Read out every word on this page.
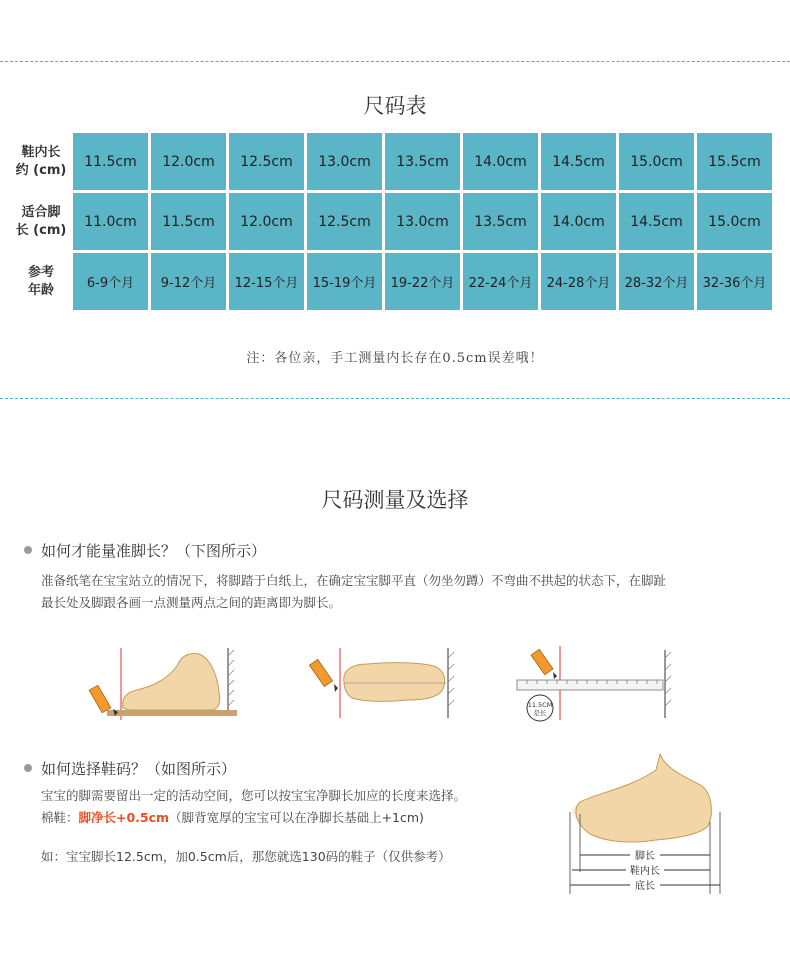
尺码表
鞋内长
约 (cm)	11.5cm	12.0cm	12.5cm	13.0cm	13.5cm	14.0cm	14.5cm	15.0cm	15.5cm
适合脚
长 (cm)	11.0cm	11.5cm	12.0cm	12.5cm	13.0cm	13.5cm	14.0cm	14.5cm	15.0cm
参考
年龄	6-9个月	9-12个月	12-15个月	15-19个月	19-22个月	22-24个月	24-28个月	28-32个月	32-36个月
注：各位亲，手工测量内长存在0.5cm误差哦！
尺码测量及选择
如何才能量准脚长？（下图所示）
准备纸笔在宝宝站立的情况下，将脚踏于白纸上，在确定宝宝脚平直（勿坐勿蹲）不弯曲不拱起的状态下，在脚趾
最长处及脚跟各画一点测量两点之间的距离即为脚长。
11.5CM
是长
如何选择鞋码？（如图所示）
宝宝的脚需要留出一定的活动空间，您可以按宝宝净脚长加应的长度来选择。
棉鞋：脚净长+0.5cm（脚背宽厚的宝宝可以在净脚长基础上+1cm)
如：宝宝脚长12.5cm，加0.5cm后，那您就选130码的鞋子（仅供参考）	脚长
鞋内长
底长
